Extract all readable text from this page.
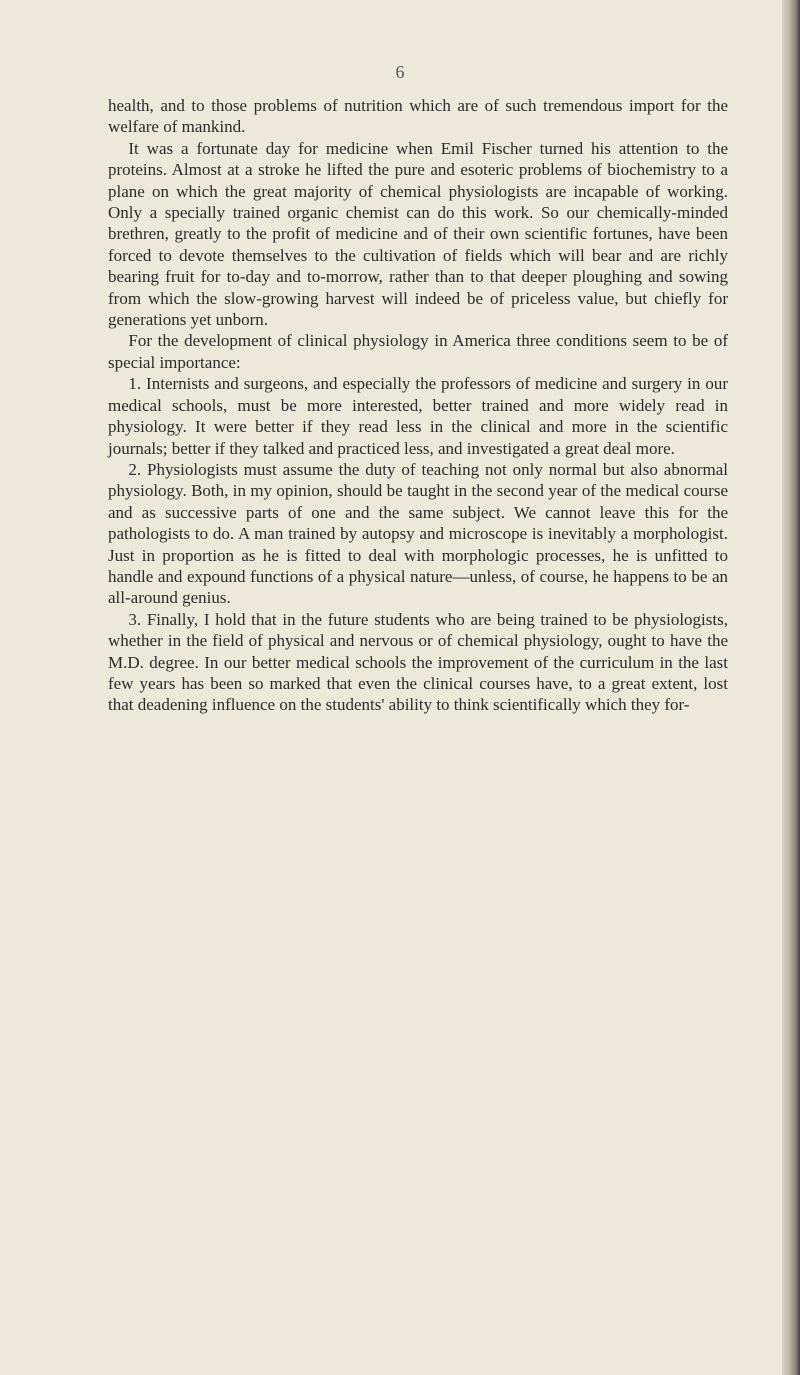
6

health, and to those problems of nutrition which are of such tremendous import for the welfare of mankind.

It was a fortunate day for medicine when Emil Fischer turned his attention to the proteins. Almost at a stroke he lifted the pure and esoteric problems of biochemistry to a plane on which the great majority of chemical physiologists are incapable of working. Only a specially trained organic chemist can do this work. So our chemically-minded brethren, greatly to the profit of medicine and of their own scientific fortunes, have been forced to devote themselves to the cultivation of fields which will bear and are richly bearing fruit for to-day and to-morrow, rather than to that deeper ploughing and sowing from which the slow-growing harvest will indeed be of priceless value, but chiefly for generations yet unborn.

For the development of clinical physiology in America three conditions seem to be of special importance:

1. Internists and surgeons, and especially the professors of medicine and surgery in our medical schools, must be more interested, better trained and more widely read in physiology. It were better if they read less in the clinical and more in the scientific journals; better if they talked and practiced less, and investigated a great deal more.

2. Physiologists must assume the duty of teaching not only normal but also abnormal physiology. Both, in my opinion, should be taught in the second year of the medical course and as successive parts of one and the same subject. We cannot leave this for the pathologists to do. A man trained by autopsy and microscope is inevitably a morphologist. Just in proportion as he is fitted to deal with morphologic processes, he is unfitted to handle and expound functions of a physical nature—unless, of course, he happens to be an all-around genius.

3. Finally, I hold that in the future students who are being trained to be physiologists, whether in the field of physical and nervous or of chemical physiology, ought to have the M.D. degree. In our better medical schools the improvement of the curriculum in the last few years has been so marked that even the clinical courses have, to a great extent, lost that deadening influence on the students' ability to think scientifically which they for-
